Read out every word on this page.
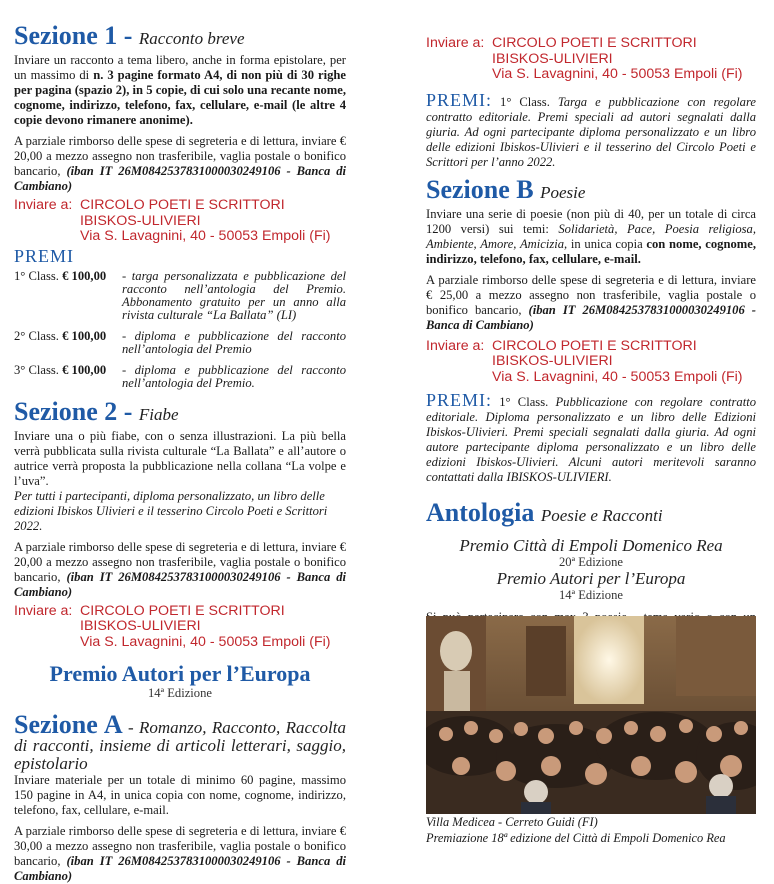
Sezione 1 - Racconto breve

Inviare un racconto a tema libero, anche in forma epistolare, per un massimo di n. 3 pagine formato A4, di non più di 30 righe per pagina (spazio 2), in 5 copie, di cui solo una recante nome, cognome, indirizzo, telefono, fax, cellulare, e-mail (le altre 4 copie devono rimanere anonime).

A parziale rimborso delle spese di segreteria e di lettura, inviare € 20,00 a mezzo assegno non trasferibile, vaglia postale o bonifico bancario, (iban IT 26M0842537831000030249106 - Banca di Cambiano)

Inviare a: CIRCOLO POETI E SCRITTORI
IBISKOS-ULIVIERI
Via S. Lavagnini, 40 - 50053 Empoli (Fi)
PREMI
1° Class. € 100,00	- targa personalizzata e pubblicazione del racconto nell’antologia del Premio. Abbonamento gratuito per un anno alla rivista culturale “La Ballata” (LI)
2° Class. € 100,00	- diploma e pubblicazione del racconto nell’antologia del Premio
3° Class. € 100,00	- diploma e pubblicazione del racconto nell’antologia del Premio.
Sezione 2 - Fiabe

Inviare una o più fiabe, con o senza illustrazioni. La più bella verrà pubblicata sulla rivista culturale “La Ballata” e all’autore o autrice verrà proposta la pubblicazione nella collana “La volpe e l’uva”.

Per tutti i partecipanti, diploma personalizzato, un libro delle edizioni Ibiskos Ulivieri e il tesserino Circolo Poeti e Scrittori 2022.

A parziale rimborso delle spese di segreteria e di lettura, inviare € 20,00 a mezzo assegno non trasferibile, vaglia postale o bonifico bancario, (iban IT 26M0842537831000030249106 - Banca di Cambiano)

Inviare a: CIRCOLO POETI E SCRITTORI
IBISKOS-ULIVIERI
Via S. Lavagnini, 40 - 50053 Empoli (Fi)
Premio Autori per l’Europa
14ª Edizione
Sezione A - Romanzo, Racconto, Raccolta di racconti, insieme di articoli letterari, saggio, epistolario

Inviare materiale per un totale di minimo 60 pagine, massimo 150 pagine in A4, in unica copia con nome, cognome, indirizzo, telefono, fax, cellulare, e-mail.

A parziale rimborso delle spese di segreteria e di lettura, inviare € 30,00 a mezzo assegno non trasferibile, vaglia postale o bonifico bancario, (iban IT 26M0842537831000030249106 - Banca di Cambiano)

Inviare a: CIRCOLO POETI E SCRITTORI
IBISKOS-ULIVIERI
Via S. Lavagnini, 40 - 50053 Empoli (Fi)

PREMI: 1° Class. Targa e pubblicazione con regolare contratto editoriale. Premi speciali ad autori segnalati dalla giuria. Ad ogni partecipante diploma personalizzato e un libro delle edizioni Ibiskos-Ulivieri e il tesserino del Circolo Poeti e Scrittori per l’anno 2022.

Sezione B Poesie

Inviare una serie di poesie (non più di 40, per un totale di circa 1200 versi) sui temi: Solidarietà, Pace, Poesia religiosa, Ambiente, Amore, Amicizia, in unica copia con nome, cognome, indirizzo, telefono, fax, cellulare, e-mail.

A parziale rimborso delle spese di segreteria e di lettura, inviare € 25,00 a mezzo assegno non trasferibile, vaglia postale o bonifico bancario, (iban IT 26M0842537831000030249106 - Banca di Cambiano)

Inviare a: CIRCOLO POETI E SCRITTORI
IBISKOS-ULIVIERI
Via S. Lavagnini, 40 - 50053 Empoli (Fi)

PREMI: 1° Class. Pubblicazione con regolare contratto editoriale. Diploma personalizzato e un libro delle Edizioni Ibiskos-Ulivieri. Premi speciali segnalati dalla giuria. Ad ogni autore partecipante diploma personalizzato e un libro delle edizioni Ibiskos-Ulivieri. Alcuni autori meritevoli saranno contattati dalla IBISKOS-ULIVIERI.

Antologia Poesie e Racconti
Premio Città di Empoli Domenico Rea
20ª Edizione
Premio Autori per l’Europa
14ª Edizione

Villa Medicea - Cerreto Guidi (FI)
Premiazione 18ª edizione del Città di Empoli Domenico Rea
